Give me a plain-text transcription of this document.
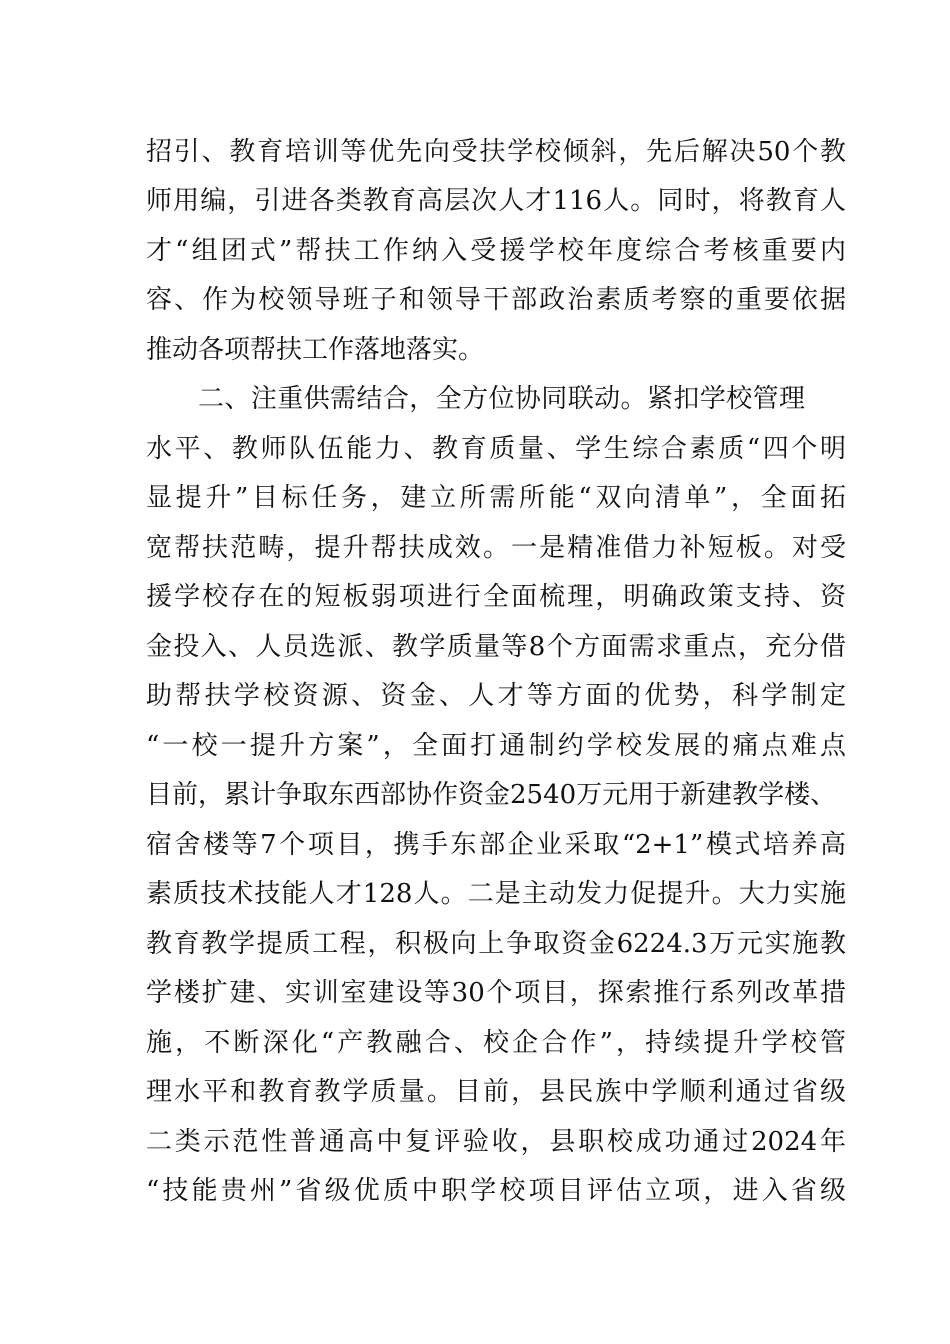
招引、教育培训等优先向受扶学校倾斜，先后解决50个教
师用编，引进各类教育高层次人才116人。同时，将教育人
才“组团式”帮扶工作纳入受援学校年度综合考核重要内
容、作为校领导班子和领导干部政治素质考察的重要依据
推动各项帮扶工作落地落实。
二、注重供需结合，全方位协同联动。紧扣学校管理
水平、教师队伍能力、教育质量、学生综合素质“四个明
显提升”目标任务，建立所需所能“双向清单”，全面拓
宽帮扶范畴，提升帮扶成效。一是精准借力补短板。对受
援学校存在的短板弱项进行全面梳理，明确政策支持、资
金投入、人员选派、教学质量等8个方面需求重点，充分借
助帮扶学校资源、资金、人才等方面的优势，科学制定
“一校一提升方案”，全面打通制约学校发展的痛点难点
目前，累计争取东西部协作资金2540万元用于新建教学楼、
宿舍楼等7个项目，携手东部企业采取“2+1”模式培养高
素质技术技能人才128人。二是主动发力促提升。大力实施
教育教学提质工程，积极向上争取资金6224.3万元实施教
学楼扩建、实训室建设等30个项目，探索推行系列改革措
施，不断深化“产教融合、校企合作”，持续提升学校管
理水平和教育教学质量。目前，县民族中学顺利通过省级
二类示范性普通高中复评验收，县职校成功通过2024年
“技能贵州”省级优质中职学校项目评估立项，进入省级
